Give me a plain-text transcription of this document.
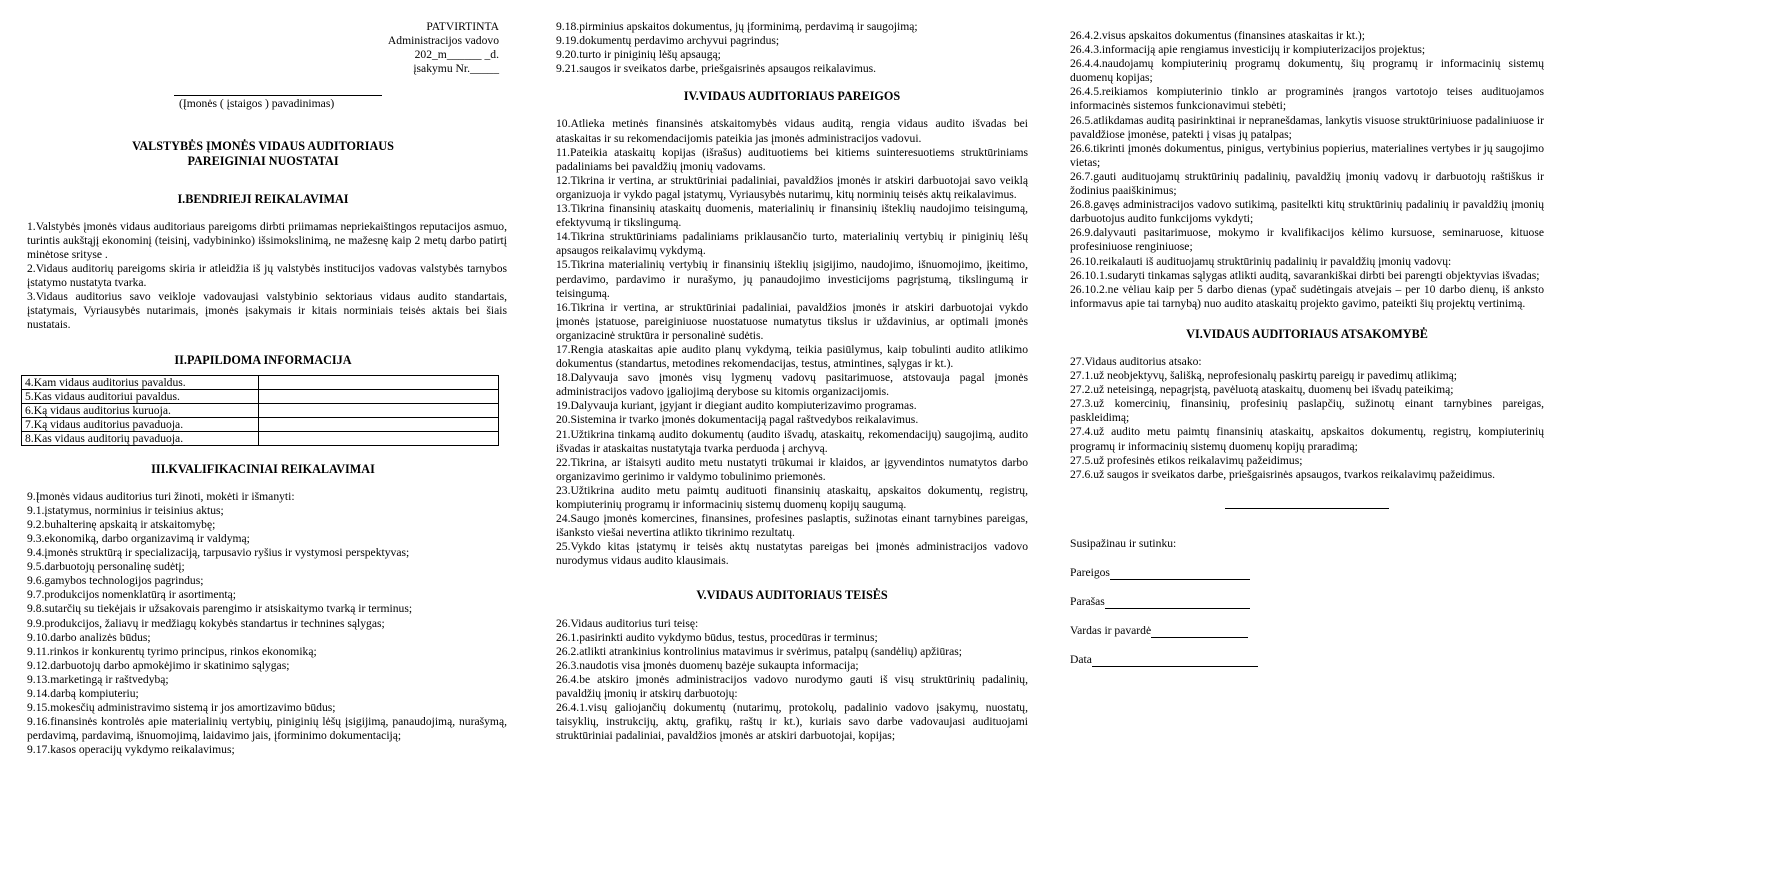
PATVIRTINTA
Administracijos vadovo
202_m______ _d.
įsakymu Nr._____
(Įmonės ( įstaigos ) pavadinimas)

VALSTYBĖS ĮMONĖS VIDAUS AUDITORIAUS

PAREIGINIAI NUOSTATAI

I.BENDRIEJI REIKALAVIMAI

1.Valstybės įmonės vidaus auditoriaus pareigoms dirbti priimamas nepriekaištingos reputacijos asmuo, turintis aukštąjį ekonominį (teisinį, vadybininko) išsimokslinimą, ne mažesnę kaip 2 metų darbo patirtį minėtose srityse .

2.Vidaus auditorių pareigoms skiria ir atleidžia iš jų valstybės institucijos vadovas valstybės tarnybos įstatymo nustatyta tvarka.

3.Vidaus auditorius savo veikloje vadovaujasi valstybinio sektoriaus vidaus audito standartais, įstatymais, Vyriausybės nutarimais, įmonės įsakymais ir kitais norminiais teisės aktais bei šiais nustatais.

II.PAPILDOMA INFORMACIJA

4.Kam vidaus auditorius pavaldus.	
5.Kas vidaus auditoriui pavaldus.	
6.Ką vidaus auditorius kuruoja.	
7.Ką vidaus auditorius pavaduoja.	
8.Kas vidaus auditorių pavaduoja.	

III.KVALIFIKACINIAI REIKALAVIMAI

9.Įmonės vidaus auditorius turi žinoti, mokėti ir išmanyti:

9.1.įstatymus, norminius ir teisinius aktus;

9.2.buhalterinę apskaitą ir atskaitomybę;

9.3.ekonomiką, darbo organizavimą ir valdymą;

9.4.įmonės struktūrą ir specializaciją, tarpusavio ryšius ir vystymosi perspektyvas;

9.5.darbuotojų personalinę sudėtį;

9.6.gamybos technologijos pagrindus;

9.7.produkcijos nomenklatūrą ir asortimentą;

9.8.sutarčių su tiekėjais ir užsakovais parengimo ir atsiskaitymo tvarką ir terminus;

9.9.produkcijos, žaliavų ir medžiagų kokybės standartus ir technines sąlygas;

9.10.darbo analizės būdus;

9.11.rinkos ir konkurentų tyrimo principus, rinkos ekonomiką;

9.12.darbuotojų darbo apmokėjimo ir skatinimo sąlygas;

9.13.marketingą ir raštvedybą;

9.14.darbą kompiuteriu;

9.15.mokesčių administravimo sistemą ir jos amortizavimo būdus;

9.16.finansinės kontrolės apie materialinių vertybių, piniginių lėšų įsigijimą, panaudojimą, nurašymą, perdavimą, pardavimą, išnuomojimą, laidavimo jais, įforminimo dokumentaciją;

9.17.kasos operacijų vykdymo reikalavimus;

9.18.pirminius apskaitos dokumentus, jų įforminimą, perdavimą ir saugojimą;

9.19.dokumentų perdavimo archyvui pagrindus;

9.20.turto ir piniginių lėšų apsaugą;

9.21.saugos ir sveikatos darbe, priešgaisrinės apsaugos reikalavimus.

IV.VIDAUS AUDITORIAUS PAREIGOS

10.Atlieka metinės finansinės atskaitomybės vidaus auditą, rengia vidaus audito išvadas bei ataskaitas ir su rekomendacijomis pateikia jas įmonės administracijos vadovui.

11.Pateikia ataskaitų kopijas (išrašus) audituotiems bei kitiems suinteresuotiems struktūriniams padaliniams bei pavaldžių įmonių vadovams.

12.Tikrina ir vertina, ar struktūriniai padaliniai, pavaldžios įmonės ir atskiri darbuotojai savo veiklą organizuoja ir vykdo pagal įstatymų, Vyriausybės nutarimų, kitų norminių teisės aktų reikalavimus.

13.Tikrina finansinių ataskaitų duomenis, materialinių ir finansinių išteklių naudojimo teisingumą, efektyvumą ir tikslingumą.

14.Tikrina struktūriniams padaliniams priklausančio turto, materialinių vertybių ir piniginių lėšų apsaugos reikalavimų vykdymą.

15.Tikrina materialinių vertybių ir finansinių išteklių įsigijimo, naudojimo, išnuomojimo, įkeitimo, perdavimo, pardavimo ir nurašymo, jų panaudojimo investicijoms pagrįstumą, tikslingumą ir teisingumą.

16.Tikrina ir vertina, ar struktūriniai padaliniai, pavaldžios įmonės ir atskiri darbuotojai vykdo įmonės įstatuose, pareiginiuose nuostatuose numatytus tikslus ir uždavinius, ar optimali įmonės organizacinė struktūra ir personalinė sudėtis.

17.Rengia ataskaitas apie audito planų vykdymą, teikia pasiūlymus, kaip tobulinti audito atlikimo dokumentus (standartus, metodines rekomendacijas, testus, atmintines, sąlygas ir kt.).

18.Dalyvauja savo įmonės visų lygmenų vadovų pasitarimuose, atstovauja pagal įmonės administracijos vadovo įgaliojimą derybose su kitomis organizacijomis.

19.Dalyvauja kuriant, įgyjant ir diegiant audito kompiuterizavimo programas.

20.Sistemina ir tvarko įmonės dokumentaciją pagal raštvedybos reikalavimus.

21.Užtikrina tinkamą audito dokumentų (audito išvadų, ataskaitų, rekomendacijų) saugojimą, audito išvadas ir ataskaitas nustatytąja tvarka perduoda į archyvą.

22.Tikrina, ar ištaisyti audito metu nustatyti trūkumai ir klaidos, ar įgyvendintos numatytos darbo organizavimo gerinimo ir valdymo tobulinimo priemonės.

23.Užtikrina audito metu paimtų audituoti finansinių ataskaitų, apskaitos dokumentų, registrų, kompiuterinių programų ir informacinių sistemų duomenų kopijų saugumą.

24.Saugo įmonės komercines, finansines, profesines paslaptis, sužinotas einant tarnybines pareigas, išankstо viešai nevertina atlikto tikrinimo rezultatų.

25.Vykdo kitas įstatymų ir teisės aktų nustatytas pareigas bei įmonės administracijos vadovo nurodymus vidaus audito klausimais.

V.VIDAUS AUDITORIAUS TEISĖS

26.Vidaus auditorius turi teisę:

26.1.pasirinkti audito vykdymo būdus, testus, procedūras ir terminus;

26.2.atlikti atrankinius kontrolinius matavimus ir svėrimus, patalpų (sandėlių) apžiūras;

26.3.naudotis visa įmonės duomenų bazėje sukaupta informacija;

26.4.be atskiro įmonės administracijos vadovo nurodymo gauti iš visų struktūrinių padalinių, pavaldžių įmonių ir atskirų darbuotojų:

26.4.1.visų galiojančių dokumentų (nutarimų, protokolų, padalinio vadovo įsakymų, nuostatų, taisyklių, instrukcijų, aktų, grafikų, raštų ir kt.), kuriais savo darbe vadovaujasi audituojami struktūriniai padaliniai, pavaldžios įmonės ar atskiri darbuotojai, kopijas;

26.4.2.visus apskaitos dokumentus (finansines ataskaitas ir kt.);

26.4.3.informaciją apie rengiamus investicijų ir kompiuterizacijos projektus;

26.4.4.naudojamų kompiuterinių programų dokumentų, šių programų ir informacinių sistemų duomenų kopijas;

26.4.5.reikiamos kompiuterinio tinklo ar programinės įrangos vartotojo teises audituojamos informacinės sistemos funkcionavimui stebėti;

26.5.atlikdamas auditą pasirinktinai ir nepranešdamas, lankytis visuose struktūriniuose padaliniuose ir pavaldžiose įmonėse, patekti į visas jų patalpas;

26.6.tikrinti įmonės dokumentus, pinigus, vertybinius popierius, materialines vertybes ir jų saugojimo vietas;

26.7.gauti audituojamų struktūrinių padalinių, pavaldžių įmonių vadovų ir darbuotojų raštiškus ir žodinius paaiškinimus;

26.8.gavęs administracijos vadovo sutikimą, pasitelkti kitų struktūrinių padalinių ir pavaldžių įmonių darbuotojus audito funkcijoms vykdyti;

26.9.dalyvauti pasitarimuose, mokymo ir kvalifikacijos kėlimo kursuose, seminaruose, kituose profesiniuose renginiuose;

26.10.reikalauti iš audituojamų struktūrinių padalinių ir pavaldžių įmonių vadovų:

26.10.1.sudaryti tinkamas sąlygas atlikti auditą, savarankiškai dirbti bei parengti objektyvias išvadas;

26.10.2.ne vėliau kaip per 5 darbo dienas (ypač sudėtingais atvejais – per 10 darbo dienų, iš anksto informavus apie tai tarnybą) nuo audito ataskaitų projekto gavimo, pateikti šių projektų vertinimą.

VI.VIDAUS AUDITORIAUS ATSAKOMYBĖ

27.Vidaus auditorius atsako:

27.1.už neobjektyvų, šališką, neprofesionalų paskirtų pareigų ir pavedimų atlikimą;

27.2.už neteisingą, nepagrįstą, pavėluotą ataskaitų, duomenų bei išvadų pateikimą;

27.3.už komercinių, finansinių, profesinių paslapčių, sužinotų einant tarnybines pareigas, paskleidimą;

27.4.už audito metu paimtų finansinių ataskaitų, apskaitos dokumentų, registrų, kompiuterinių programų ir informacinių sistemų duomenų kopijų praradimą;

27.5.už profesinės etikos reikalavimų pažeidimus;

27.6.už saugos ir sveikatos darbe, priešgaisrinės apsaugos, tvarkos reikalavimų pažeidimus.

Susipažinau ir sutinku:

Pareigos

Parašas

Vardas ir pavardė

Data
